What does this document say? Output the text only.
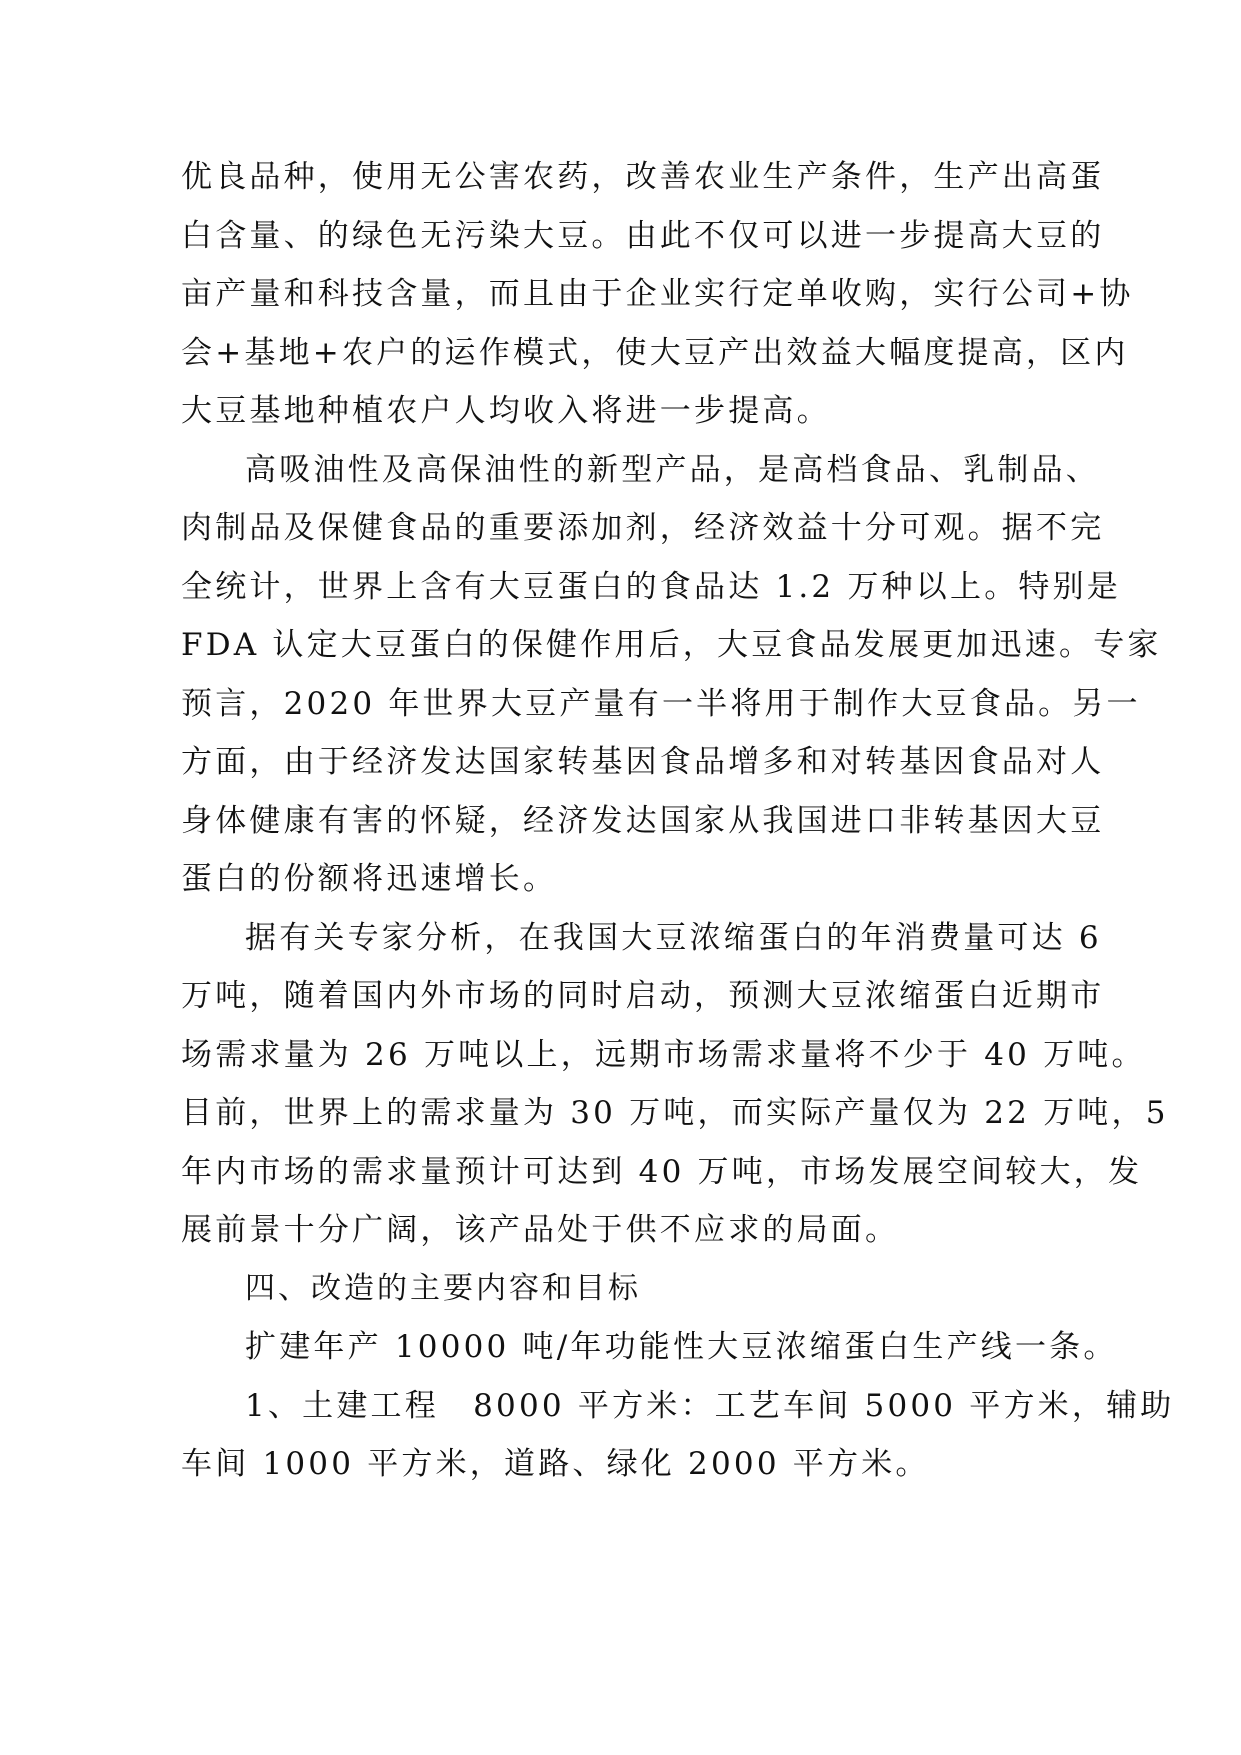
优良品种，使用无公害农药，改善农业生产条件，生产出高蛋
白含量、的绿色无污染大豆。由此不仅可以进一步提高大豆的
亩产量和科技含量，而且由于企业实行定单收购，实行公司+协
会+基地+农户的运作模式，使大豆产出效益大幅度提高，区内
大豆基地种植农户人均收入将进一步提高。
高吸油性及高保油性的新型产品，是高档食品、乳制品、
肉制品及保健食品的重要添加剂，经济效益十分可观。据不完
全统计，世界上含有大豆蛋白的食品达 1.2 万种以上。特别是
FDA 认定大豆蛋白的保健作用后，大豆食品发展更加迅速。专家
预言，2020 年世界大豆产量有一半将用于制作大豆食品。另一
方面，由于经济发达国家转基因食品增多和对转基因食品对人
身体健康有害的怀疑，经济发达国家从我国进口非转基因大豆
蛋白的份额将迅速增长。
据有关专家分析，在我国大豆浓缩蛋白的年消费量可达 6
万吨，随着国内外市场的同时启动，预测大豆浓缩蛋白近期市
场需求量为 26 万吨以上，远期市场需求量将不少于 40 万吨。
目前，世界上的需求量为 30 万吨，而实际产量仅为 22 万吨，5
年内市场的需求量预计可达到 40 万吨，市场发展空间较大，发
展前景十分广阔，该产品处于供不应求的局面。
四、改造的主要内容和目标
扩建年产 10000 吨/年功能性大豆浓缩蛋白生产线一条。
1、土建工程　8000 平方米：工艺车间 5000 平方米，辅助
车间 1000 平方米，道路、绿化 2000 平方米。
